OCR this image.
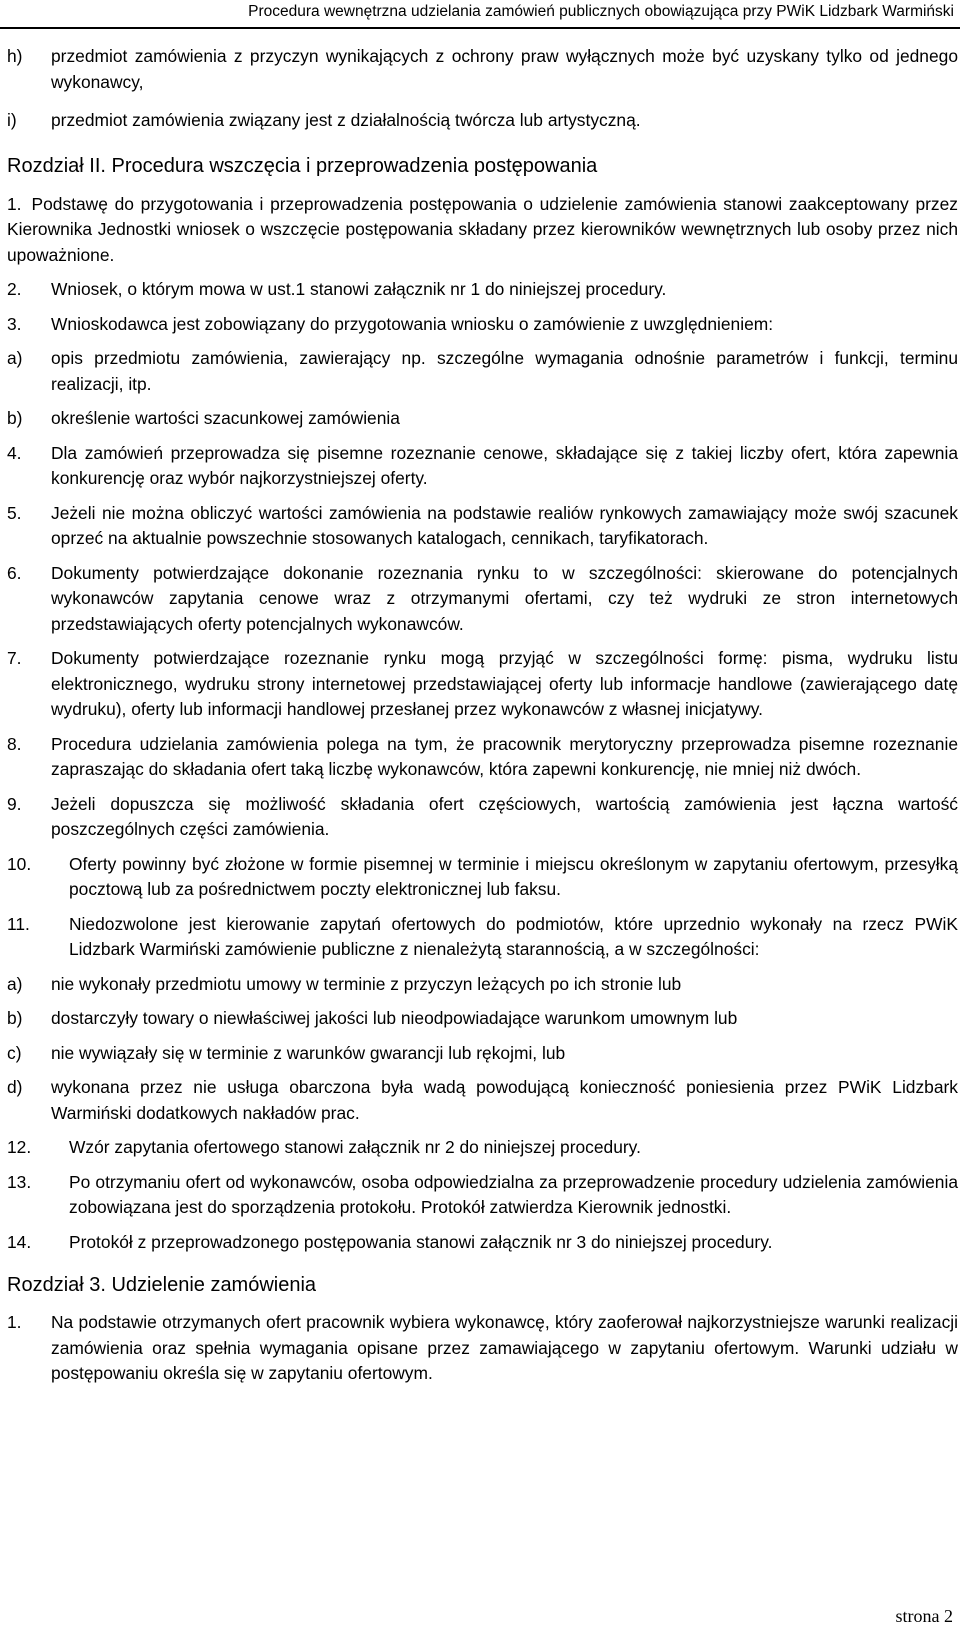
Procedura wewnętrzna udzielania zamówień publicznych obowiązująca przy PWiK Lidzbark Warmiński
h)	przedmiot zamówienia z przyczyn wynikających z ochrony praw wyłącznych może być uzyskany tylko od jednego wykonawcy,
i)	przedmiot zamówienia związany jest z działalnością twórcza lub artystyczną.
Rozdział II. Procedura wszczęcia i przeprowadzenia postępowania
1. Podstawę do przygotowania i przeprowadzenia postępowania o udzielenie zamówienia stanowi zaakceptowany przez Kierownika Jednostki wniosek o wszczęcie postępowania składany przez kierowników wewnętrznych lub osoby przez nich upoważnione.
2.	Wniosek, o którym mowa w ust.1 stanowi załącznik nr 1 do niniejszej procedury.
3.	Wnioskodawca jest zobowiązany do przygotowania wniosku o zamówienie z uwzględnieniem:
a)	opis przedmiotu zamówienia, zawierający np. szczególne wymagania odnośnie parametrów i funkcji, terminu realizacji, itp.
b)	określenie wartości szacunkowej zamówienia
4.	Dla zamówień przeprowadza się pisemne rozeznanie cenowe, składające się z takiej liczby ofert, która zapewnia konkurencję oraz wybór najkorzystniejszej oferty.
5.	Jeżeli nie można obliczyć wartości zamówienia na podstawie realiów rynkowych zamawiający może swój szacunek oprzeć na aktualnie powszechnie stosowanych katalogach, cennikach, taryfikatorach.
6.	Dokumenty potwierdzające dokonanie rozeznania rynku to w szczególności: skierowane do potencjalnych wykonawców zapytania cenowe wraz z otrzymanymi ofertami, czy też wydruki ze stron internetowych przedstawiających oferty potencjalnych wykonawców.
7.	Dokumenty potwierdzające rozeznanie rynku mogą przyjąć w szczególności formę: pisma, wydruku listu elektronicznego, wydruku strony internetowej przedstawiającej oferty lub informacje handlowe (zawierającego datę wydruku), oferty lub informacji handlowej przesłanej przez wykonawców z własnej inicjatywy.
8.	Procedura udzielania zamówienia polega na tym, że pracownik merytoryczny przeprowadza pisemne rozeznanie zapraszając do składania ofert taką liczbę wykonawców, która zapewni konkurencję, nie mniej niż dwóch.
9.	Jeżeli dopuszcza się możliwość składania ofert częściowych, wartością zamówienia jest łączna wartość poszczególnych części zamówienia.
10.	Oferty powinny być złożone w formie pisemnej w terminie i miejscu określonym w zapytaniu ofertowym, przesyłką pocztową lub za pośrednictwem poczty elektronicznej lub faksu.
11.	Niedozwolone jest kierowanie zapytań ofertowych do podmiotów, które uprzednio wykonały na rzecz PWiK Lidzbark Warmiński zamówienie publiczne z nienależytą starannością, a w szczególności:
a)	nie wykonały przedmiotu umowy w terminie z przyczyn leżących po ich stronie lub
b)	dostarczyły towary o niewłaściwej jakości lub nieodpowiadające warunkom umownym lub
c)	nie wywiązały się w terminie z warunków gwarancji lub rękojmi, lub
d)	wykonana przez nie usługa obarczona była wadą powodującą konieczność poniesienia przez PWiK Lidzbark Warmiński dodatkowych nakładów prac.
12.	Wzór zapytania ofertowego stanowi załącznik nr 2 do niniejszej procedury.
13.	Po otrzymaniu ofert od wykonawców, osoba odpowiedzialna za przeprowadzenie procedury udzielenia zamówienia zobowiązana jest do sporządzenia protokołu. Protokół zatwierdza Kierownik jednostki.
14.	Protokół z przeprowadzonego postępowania stanowi załącznik nr 3 do niniejszej procedury.
Rozdział 3. Udzielenie zamówienia
1.	Na podstawie otrzymanych ofert pracownik wybiera wykonawcę, który zaoferował najkorzystniejsze warunki realizacji zamówienia oraz spełnia wymagania opisane przez zamawiającego w zapytaniu ofertowym. Warunki udziału w postępowaniu określa się w zapytaniu ofertowym.
strona 2
